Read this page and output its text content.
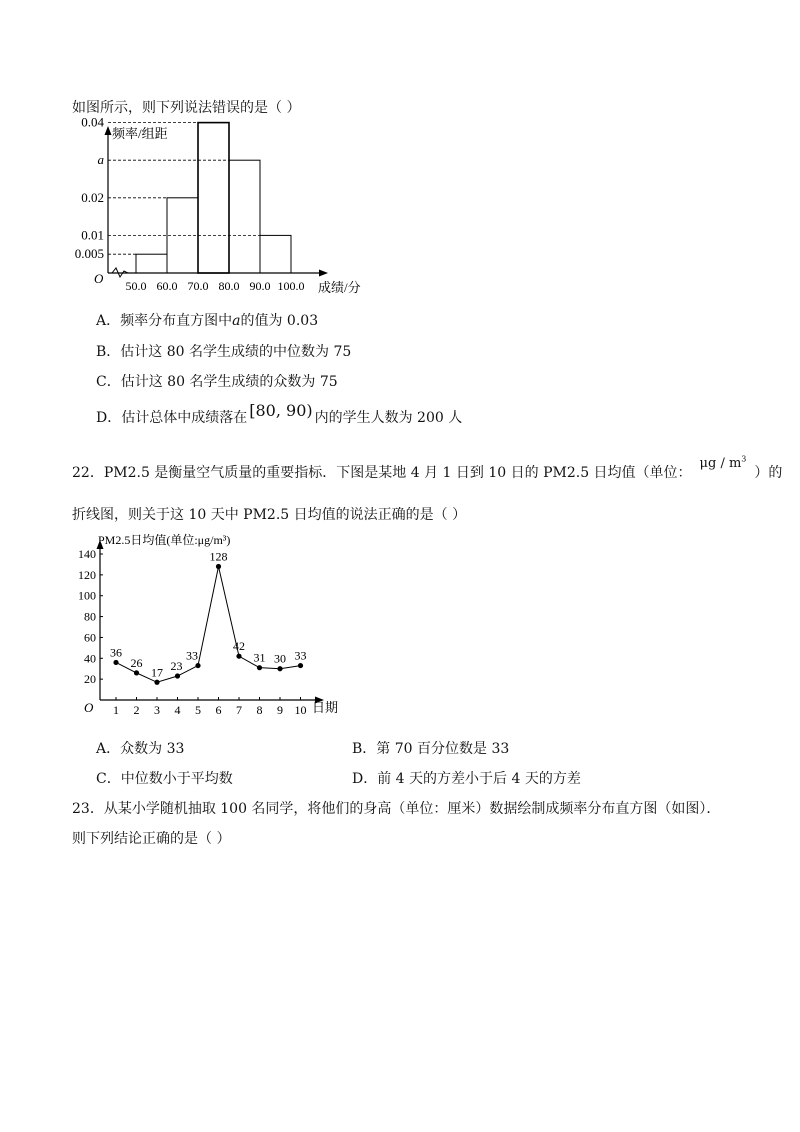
如图所示，则下列说法错误的是（ ）
频率/组距
成绩/分
O
0.005
0.01
0.02
a
0.04
50.0 60.0 70.0 80.0 90.0 100.0
A．频率分布直方图中a的值为 0.03
B．估计这 80 名学生成绩的中位数为 75
C．估计这 80 名学生成绩的众数为 75
D．估计总体中成绩落在 [80, 90) 内的学生人数为 200 人
22．PM2.5 是衡量空气质量的重要指标．下图是某地 4 月 1 日到 10 日的 PM2.5 日均值（单位：μg / $m^3$）的
折线图，则关于这 10 天中 PM2.5 日均值的说法正确的是（ ）
PM2.5日均值(单位:μg/m³)
日期
O
20
40
60
80
100
120
140
1 2 3 4 5 6 7 8 9 10
36
26
17 23
33
128
42
31 30 33
A．众数为 33	B．第 70 百分位数是 33
C．中位数小于平均数	D．前 4 天的方差小于后 4 天的方差
23．从某小学随机抽取 100 名同学，将他们的身高（单位：厘米）数据绘制成频率分布直方图（如图）．
则下列结论正确的是（ ）
